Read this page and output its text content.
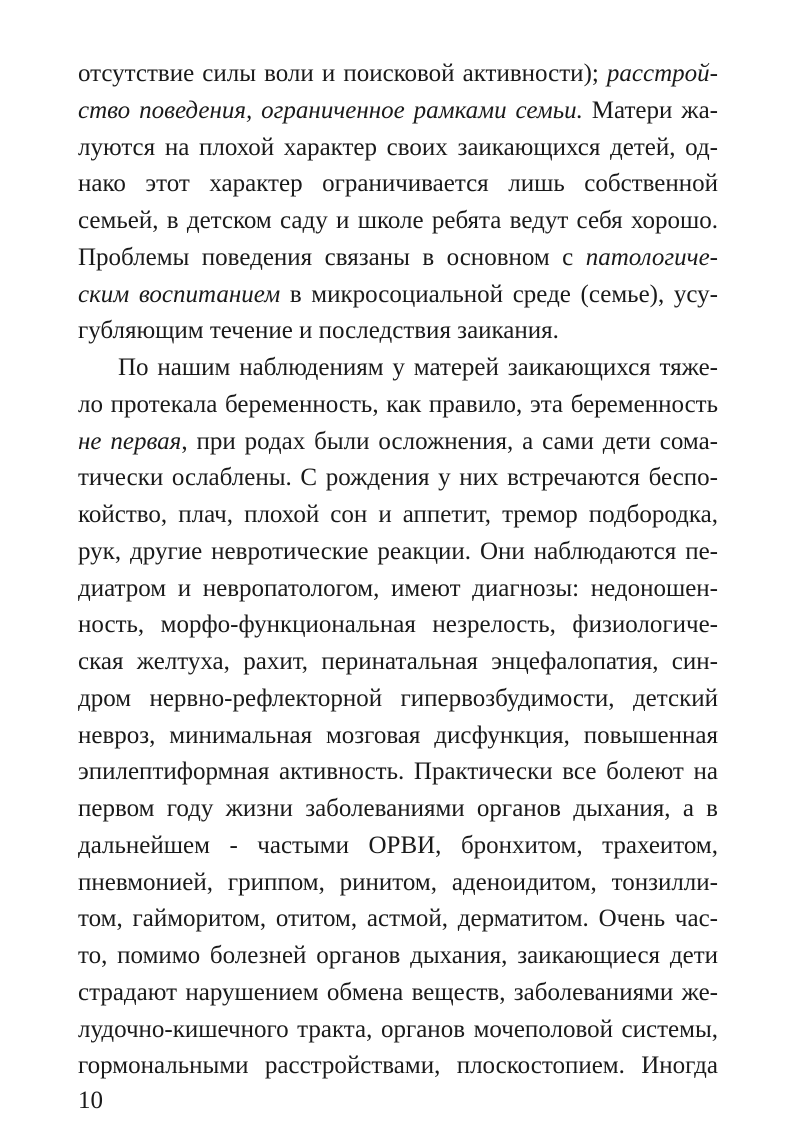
отсутствие силы воли и поисковой активности); расстрой-
ство поведения, ограниченное рамками семьи. Матери жа-
луются на плохой характер своих заикающихся детей, од-
нако этот характер ограничивается лишь собственной
семьей, в детском саду и школе ребята ведут себя хорошо.
Проблемы поведения связаны в основном с патологиче-
ским воспитанием в микросоциальной среде (семье), усу-
губляющим течение и последствия заикания.
По нашим наблюдениям у матерей заикающихся тяже-
ло протекала беременность, как правило, эта беременность
не первая, при родах были осложнения, а сами дети сома-
тически ослаблены. С рождения у них встречаются беспо-
койство, плач, плохой сон и аппетит, тремор подбородка,
рук, другие невротические реакции. Они наблюдаются пе-
диатром и невропатологом, имеют диагнозы: недоношен-
ность, морфо-функциональная незрелость, физиологиче-
ская желтуха, рахит, перинатальная энцефалопатия, син-
дром нервно-рефлекторной гипервозбудимости, детский
невроз, минимальная мозговая дисфункция, повышенная
эпилептиформная активность. Практически все болеют на
первом году жизни заболеваниями органов дыхания, а в
дальнейшем - частыми ОРВИ, бронхитом, трахеитом,
пневмонией, гриппом, ринитом, аденоидитом, тонзилли-
том, гайморитом, отитом, астмой, дерматитом. Очень час-
то, помимо болезней органов дыхания, заикающиеся дети
страдают нарушением обмена веществ, заболеваниями же-
лудочно-кишечного тракта, органов мочеполовой системы,
гормональными расстройствами, плоскостопием. Иногда
10
